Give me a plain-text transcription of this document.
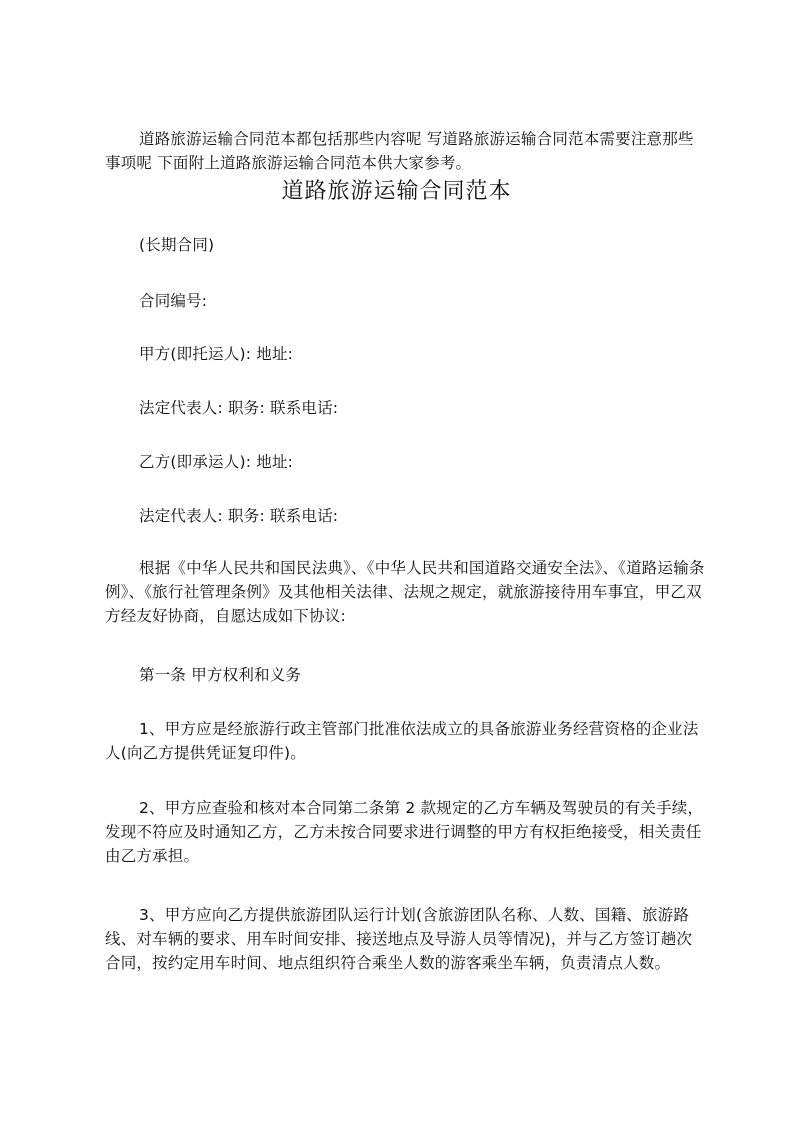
道路旅游运输合同范本都包括那些内容呢 写道路旅游运输合同范本需要注意那些事项呢 下面附上道路旅游运输合同范本供大家参考。

道路旅游运输合同范本

(长期合同)

合同编号:

甲方(即托运人): 地址:

法定代表人: 职务: 联系电话:

乙方(即承运人): 地址:

法定代表人: 职务: 联系电话:

根据《中华人民共和国民法典》、《中华人民共和国道路交通安全法》、《道路运输条例》、《旅行社管理条例》及其他相关法律、法规之规定，就旅游接待用车事宜，甲乙双方经友好协商，自愿达成如下协议:

第一条 甲方权利和义务

1、甲方应是经旅游行政主管部门批准依法成立的具备旅游业务经营资格的企业法人(向乙方提供凭证复印件)。

2、甲方应查验和核对本合同第二条第 2 款规定的乙方车辆及驾驶员的有关手续，发现不符应及时通知乙方，乙方未按合同要求进行调整的甲方有权拒绝接受，相关责任由乙方承担。

3、甲方应向乙方提供旅游团队运行计划(含旅游团队名称、人数、国籍、旅游路线、对车辆的要求、用车时间安排、接送地点及导游人员等情况)，并与乙方签订趟次合同，按约定用车时间、地点组织符合乘坐人数的游客乘坐车辆，负责清点人数。
